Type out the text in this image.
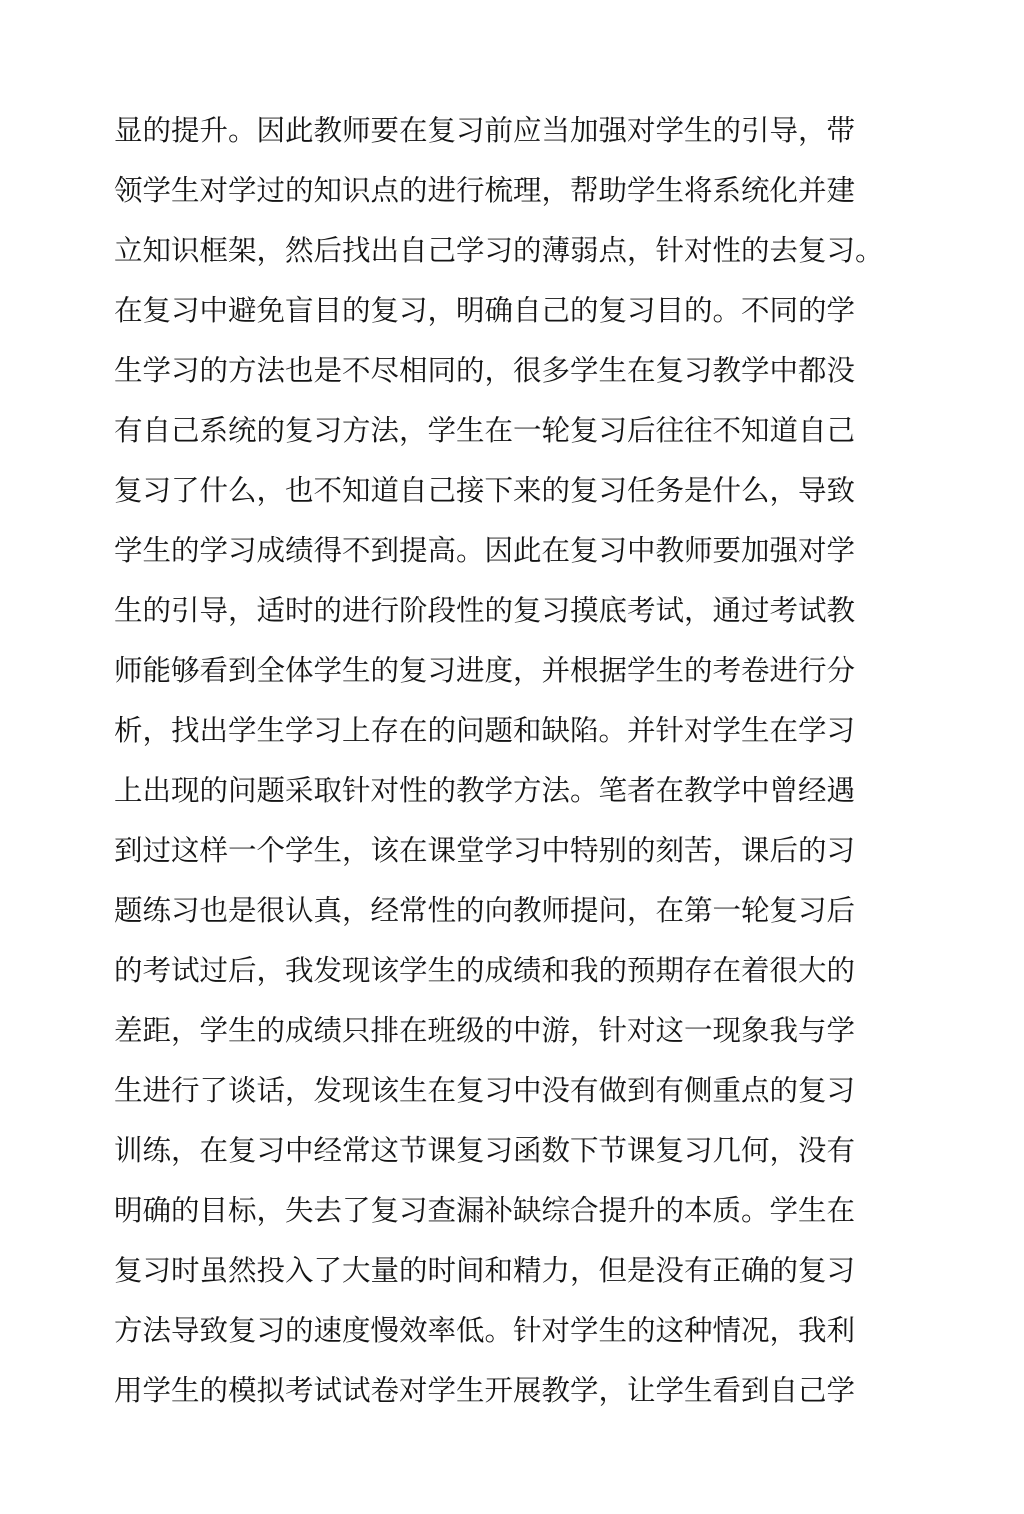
显的提升。因此教师要在复习前应当加强对学生的引导，带
领学生对学过的知识点的进行梳理，帮助学生将系统化并建
立知识框架，然后找出自己学习的薄弱点，针对性的去复习。
在复习中避免盲目的复习，明确自己的复习目的。不同的学
生学习的方法也是不尽相同的，很多学生在复习教学中都没
有自己系统的复习方法，学生在一轮复习后往往不知道自己
复习了什么，也不知道自己接下来的复习任务是什么，导致
学生的学习成绩得不到提高。因此在复习中教师要加强对学
生的引导，适时的进行阶段性的复习摸底考试，通过考试教
师能够看到全体学生的复习进度，并根据学生的考卷进行分
析，找出学生学习上存在的问题和缺陷。并针对学生在学习
上出现的问题采取针对性的教学方法。笔者在教学中曾经遇
到过这样一个学生，该在课堂学习中特别的刻苦，课后的习
题练习也是很认真，经常性的向教师提问，在第一轮复习后
的考试过后，我发现该学生的成绩和我的预期存在着很大的
差距，学生的成绩只排在班级的中游，针对这一现象我与学
生进行了谈话，发现该生在复习中没有做到有侧重点的复习
训练，在复习中经常这节课复习函数下节课复习几何，没有
明确的目标，失去了复习查漏补缺综合提升的本质。学生在
复习时虽然投入了大量的时间和精力，但是没有正确的复习
方法导致复习的速度慢效率低。针对学生的这种情况，我利
用学生的模拟考试试卷对学生开展教学，让学生看到自己学
